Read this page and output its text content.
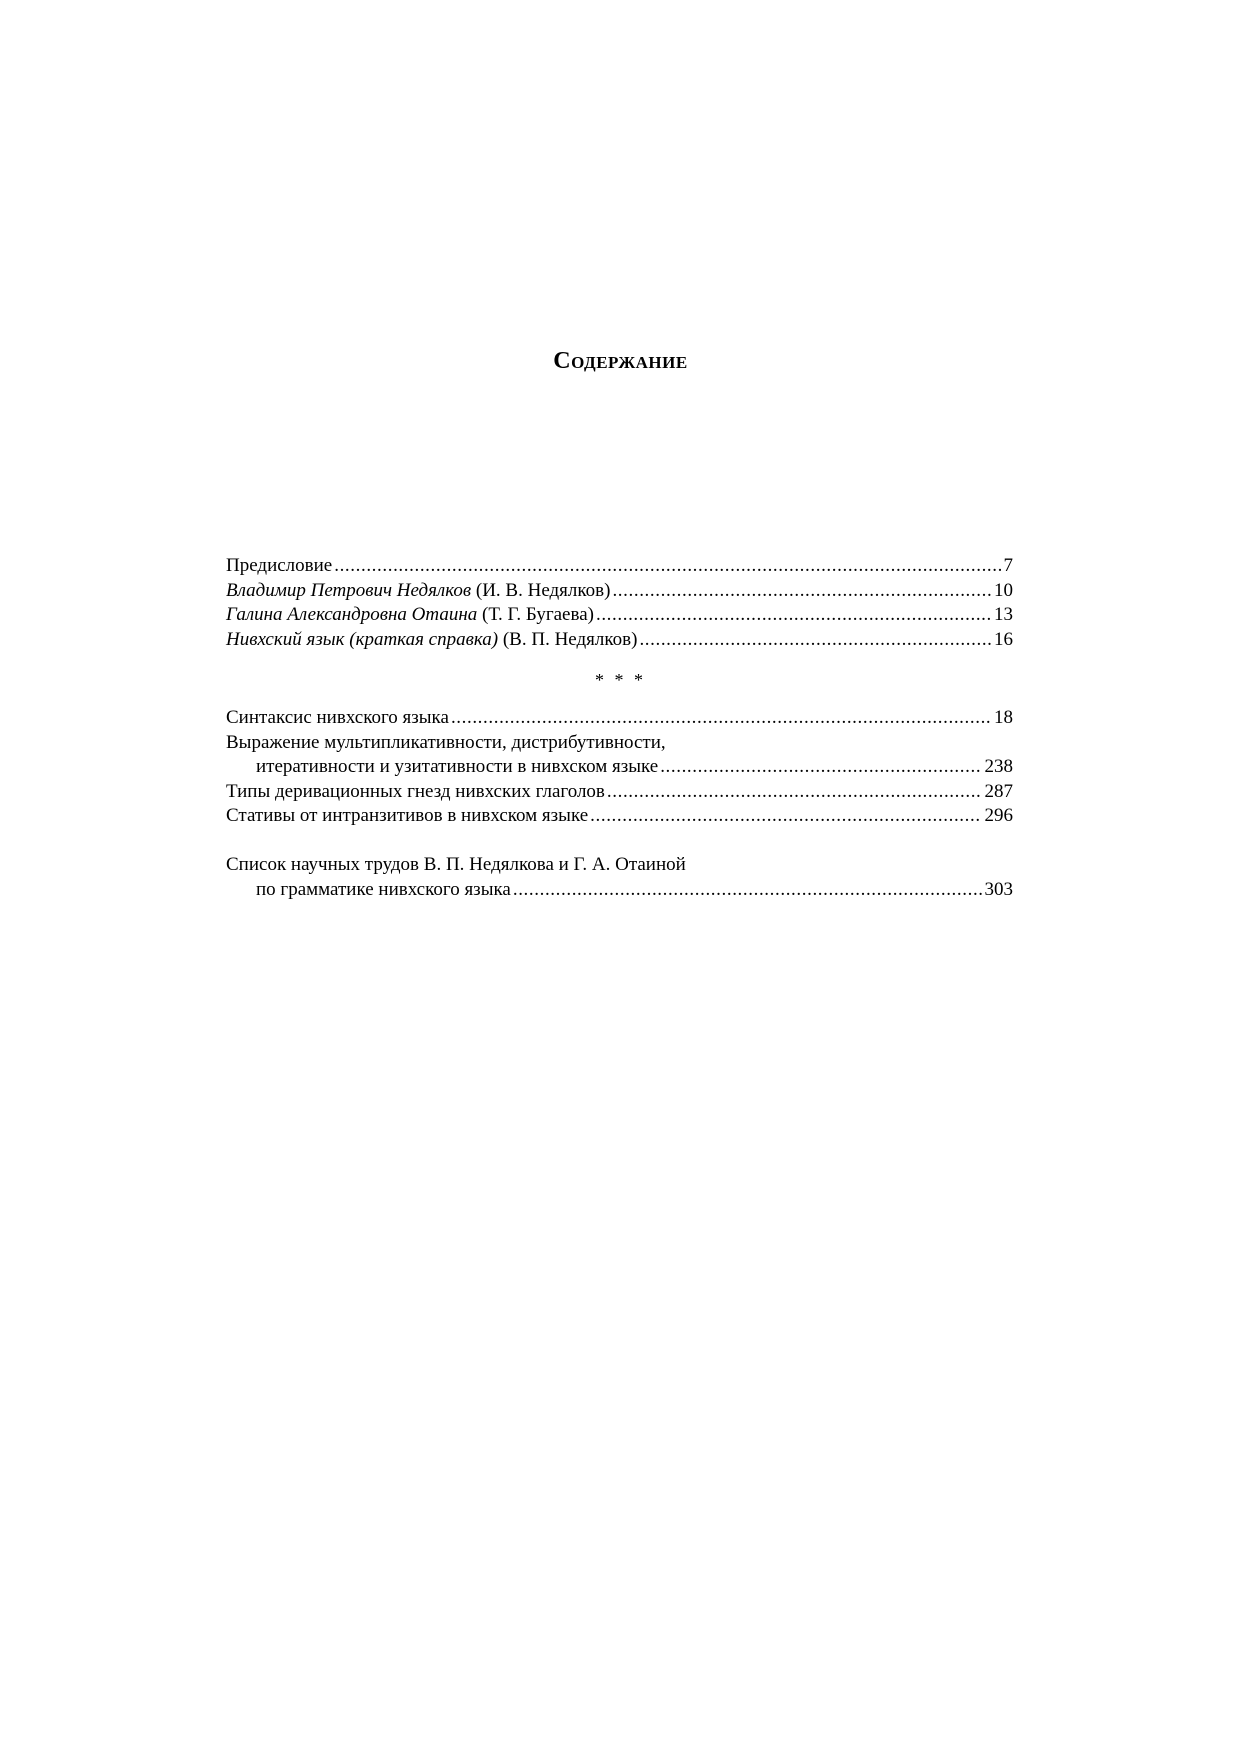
Содержание
Предисловие .....	7
Владимир Петрович Недялков (И. В. Недялков) .....	10
Галина Александровна Отаина (Т. Г. Бугаева) .....	13
Нивхский язык (краткая справка) (В. П. Недялков) .....	16
* * *
Синтаксис нивхского языка .....	18
Выражение мультипликативности, дистрибутивности,
итеративности и узитативности в нивхском языке .....	238
Типы деривационных гнезд нивхских глаголов .....	287
Стативы от интранзитивов в нивхском языке .....	296
Список научных трудов В. П. Недялкова и Г. А. Отаиной
по грамматике нивхского языка .....	303
